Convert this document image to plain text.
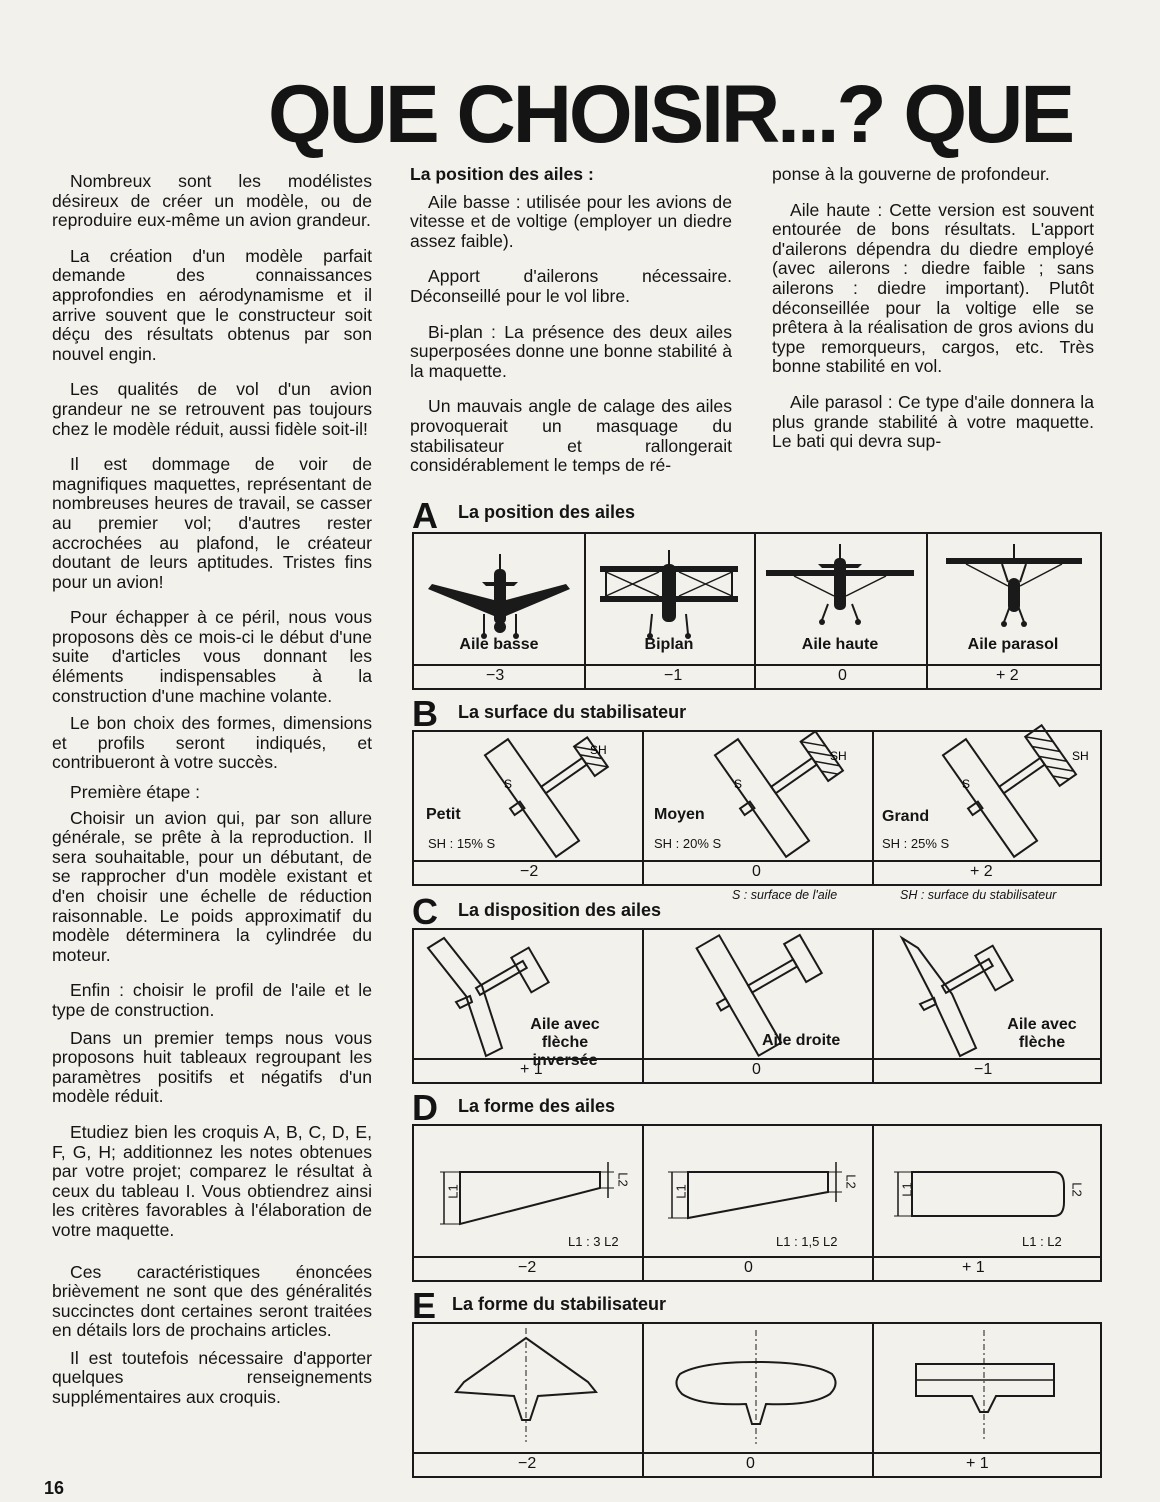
QUE CHOISIR...? QUE

Nombreux sont les modélistes désireux de créer un modèle, ou de reproduire eux-même un avion grandeur.

La création d'un modèle parfait demande des connaissances approfondies en aérodynamisme et il arrive souvent que le constructeur soit déçu des résultats obtenus par son nouvel engin.

Les qualités de vol d'un avion grandeur ne se retrouvent pas toujours chez le modèle réduit, aussi fidèle soit-il!

Il est dommage de voir de magnifiques maquettes, représentant de nombreuses heures de travail, se casser au premier vol; d'autres rester accrochées au plafond, le créateur doutant de leurs aptitudes. Tristes fins pour un avion!

Pour échapper à ce péril, nous vous proposons dès ce mois-ci le début d'une suite d'articles vous donnant les éléments indispensables à la construction d'une machine volante.

Le bon choix des formes, dimensions et profils seront indiqués, et contribueront à votre succès.

Première étape :

Choisir un avion qui, par son allure générale, se prête à la reproduction. Il sera souhaitable, pour un débutant, de se rapprocher d'un modèle existant et d'en choisir une échelle de réduction raisonnable. Le poids approximatif du modèle déterminera la cylindrée du moteur.

Enfin : choisir le profil de l'aile et le type de construction.

Dans un premier temps nous vous proposons huit tableaux regroupant les paramètres positifs et négatifs d'un modèle réduit.

Etudiez bien les croquis A, B, C, D, E, F, G, H; additionnez les notes obtenues par votre projet; comparez le résultat à ceux du tableau I. Vous obtiendrez ainsi les critères favorables à l'élaboration de votre maquette.

Ces caractéristiques énoncées brièvement ne sont que des généralités succinctes dont certaines seront traitées en détails lors de prochains articles.

Il est toutefois nécessaire d'apporter quelques renseignements supplémentaires aux croquis.

La position des ailes :

Aile basse : utilisée pour les avions de vitesse et de voltige (employer un diedre assez faible).

Apport d'ailerons nécessaire. Déconseillé pour le vol libre.

Bi-plan : La présence des deux ailes superposées donne une bonne stabilité à la maquette.

Un mauvais angle de calage des ailes provoquerait un masquage du stabilisateur et rallongerait considérablement le temps de ré-

ponse à la gouverne de profondeur.

Aile haute : Cette version est souvent entourée de bons résultats. L'apport d'ailerons dépendra du diedre employé (avec ailerons : diedre faible ; sans ailerons : diedre important). Plutôt déconseillée pour la voltige elle se prêtera à la réalisation de gros avions du type remorqueurs, cargos, etc. Très bonne stabilité en vol.

Aile parasol : Ce type d'aile donnera la plus grande stabilité à votre maquette. Le bati qui devra sup-

16
A La position des ailes
Aile basse	Biplan	Aile haute	Aile parasol
−3	−1	0	+ 2
B La surface du stabilisateur
S
SH
Petit
SH : 15% S
S
SH
Moyen
SH : 20% S
S
SH
Grand
SH : 25% S
−2	0	+ 2
S : surface de l'aile	SH : surface du stabilisateur
C La disposition des ailes
Aile avec flèche inversée
Aile droite
Aile avec flèche
+ 1	0	−1
D La forme des ailes
L1
L2
L1 : 3 L2
L1
L2
L1 : 1,5 L2
L1	L2
L1 : L2
−2	0	+ 1
E La forme du stabilisateur
−2	0	+ 1
